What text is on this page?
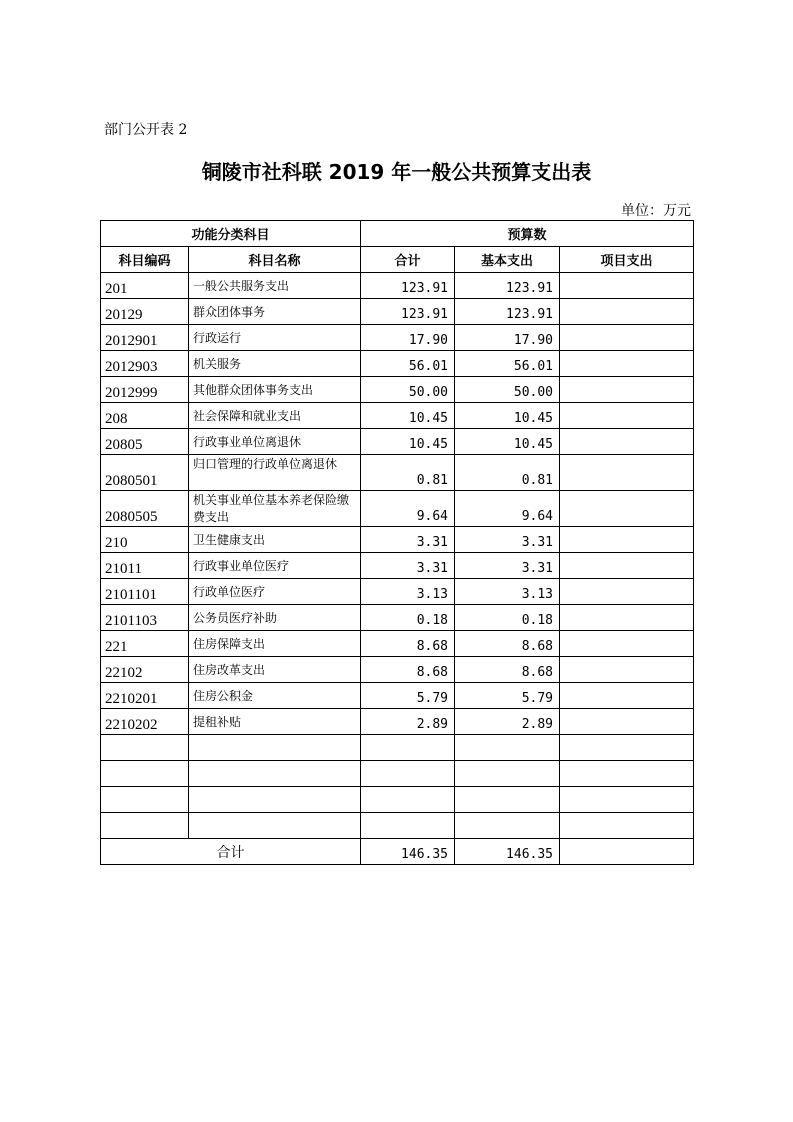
部门公开表 2
铜陵市社科联 2019 年一般公共预算支出表
单位：万元
功能分类科目		预算数		
科目编码	科目名称	合计	基本支出	项目支出
201	一般公共服务支出	123.91	123.91	
20129	群众团体事务	123.91	123.91	
2012901	行政运行	17.90	17.90	
2012903	机关服务	56.01	56.01	
2012999	其他群众团体事务支出	50.00	50.00	
208	社会保障和就业支出	10.45	10.45	
20805	行政事业单位离退休	10.45	10.45	
2080501	归口管理的行政单位离退休	0.81	0.81	
2080505	机关事业单位基本养老保险缴费支出	9.64	9.64	
210	卫生健康支出	3.31	3.31	
21011	行政事业单位医疗	3.31	3.31	
2101101	行政单位医疗	3.13	3.13	
2101103	公务员医疗补助	0.18	0.18	
221	住房保障支出	8.68	8.68	
22102	住房改革支出	8.68	8.68	
2210201	住房公积金	5.79	5.79	
2210202	提租补贴	2.89	2.89	

合计		146.35	146.35	
